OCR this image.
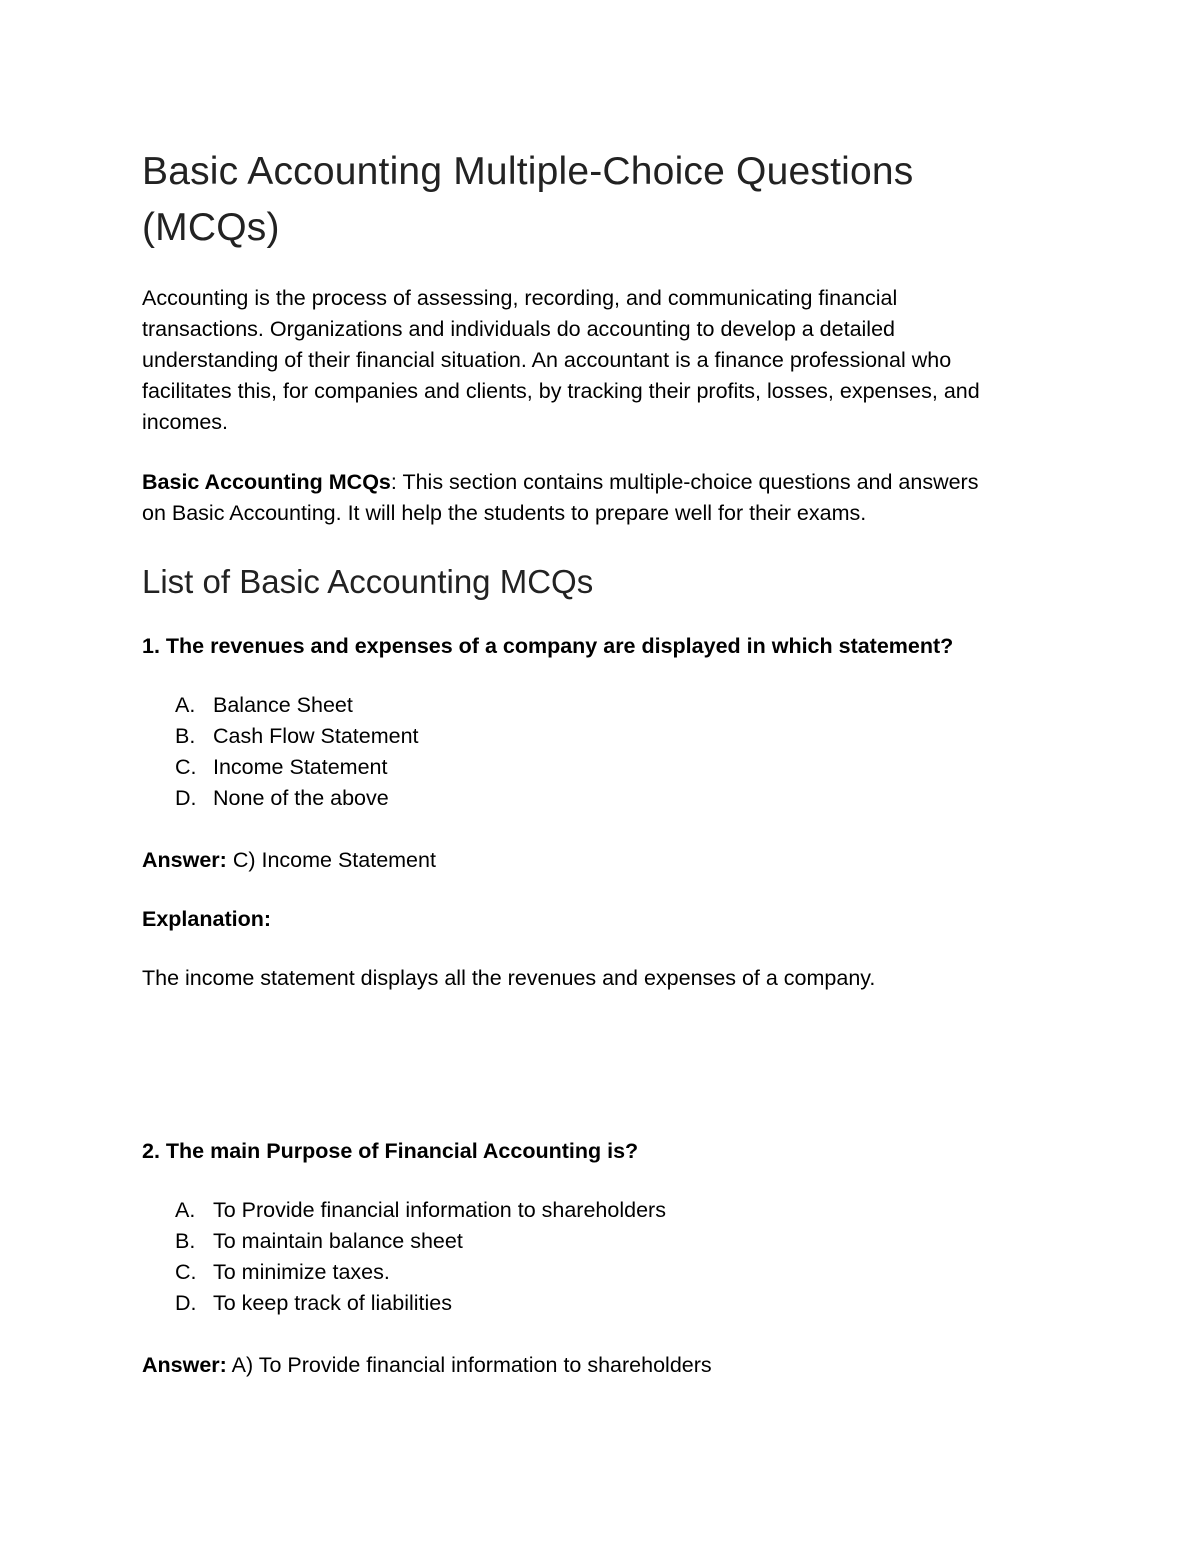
Basic Accounting Multiple-Choice Questions
(MCQs)

Accounting is the process of assessing, recording, and communicating financial

transactions. Organizations and individuals do accounting to develop a detailed

understanding of their financial situation. An accountant is a finance professional who

facilitates this, for companies and clients, by tracking their profits, losses, expenses, and

incomes.

Basic Accounting MCQs: This section contains multiple-choice questions and answers

on Basic Accounting. It will help the students to prepare well for their exams.

List of Basic Accounting MCQs

1. The revenues and expenses of a company are displayed in which statement?

A. Balance Sheet

B. Cash Flow Statement

C. Income Statement

D. None of the above

Answer: C) Income Statement

Explanation:

The income statement displays all the revenues and expenses of a company.

2. The main Purpose of Financial Accounting is?

A. To Provide financial information to shareholders

B. To maintain balance sheet

C. To minimize taxes.

D. To keep track of liabilities

Answer: A) To Provide financial information to shareholders
